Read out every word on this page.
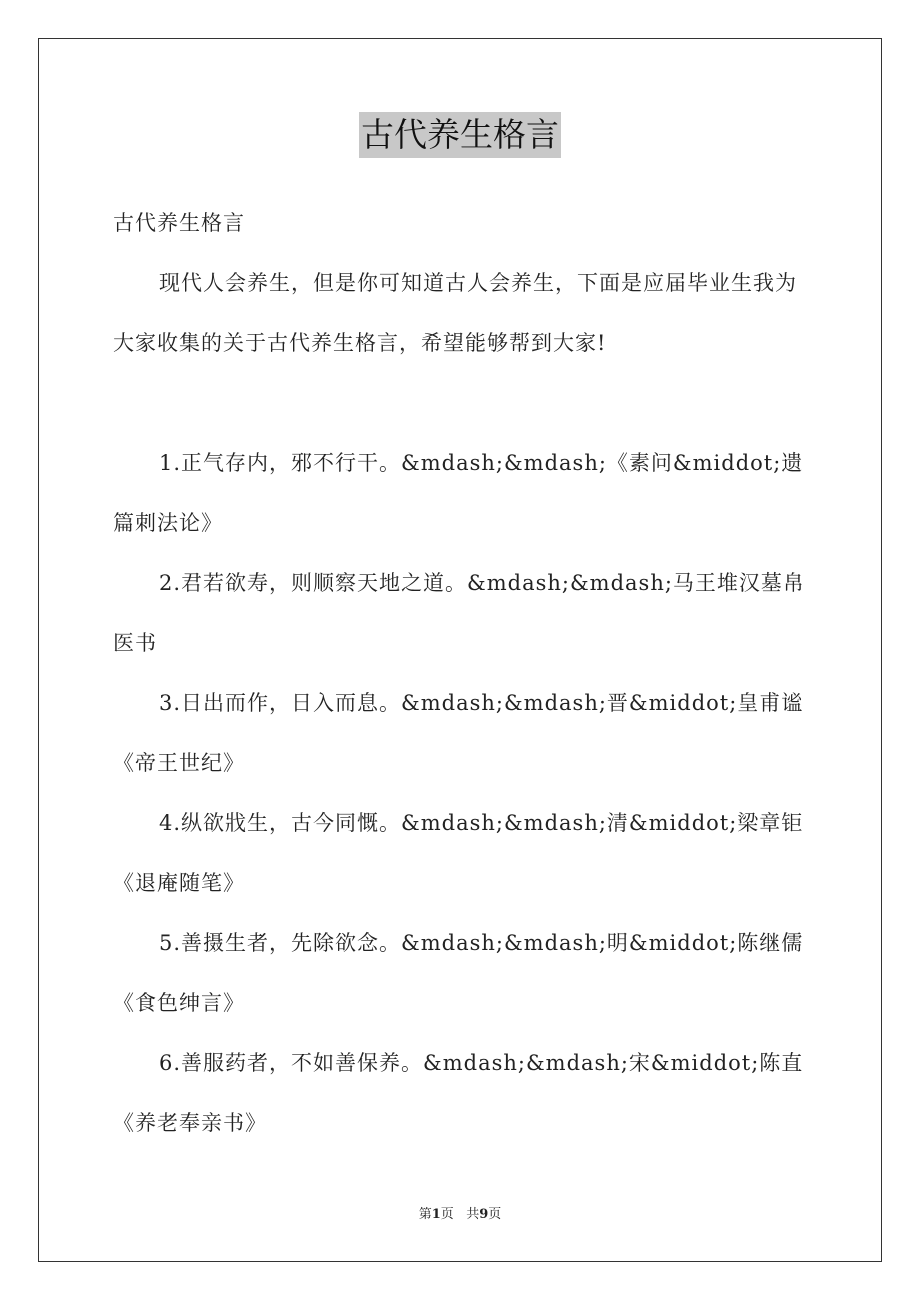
古代养生格言

古代养生格言

现代人会养生，但是你可知道古人会养生，下面是应届毕业生我为大家收集的关于古代养生格言，希望能够帮到大家!

1.正气存内，邪不行干。&mdash;&mdash;《素问&middot;遗篇刺法论》

2.君若欲寿，则顺察天地之道。&mdash;&mdash;马王堆汉墓帛医书

3.日出而作，日入而息。&mdash;&mdash;晋&middot;皇甫谧《帝王世纪》

4.纵欲戕生，古今同慨。&mdash;&mdash;清&middot;梁章钜《退庵随笔》

5.善摄生者，先除欲念。&mdash;&mdash;明&middot;陈继儒《食色绅言》

6.善服药者，不如善保养。&mdash;&mdash;宋&middot;陈直《养老奉亲书》

第1页 共9页
